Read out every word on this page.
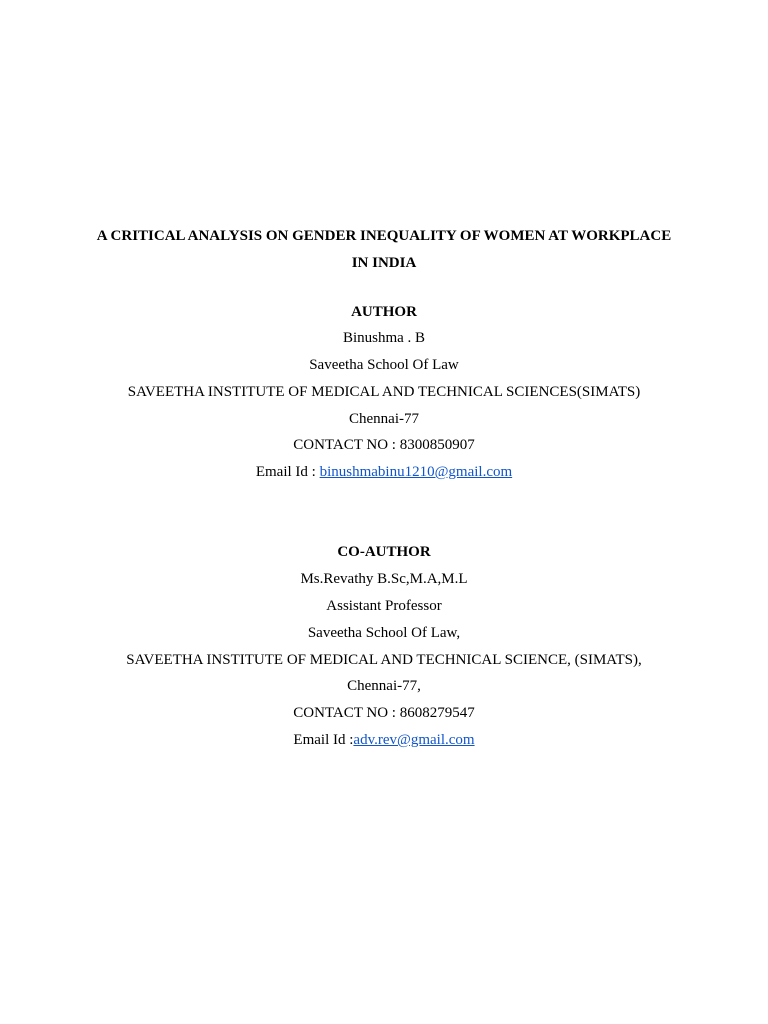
A CRITICAL ANALYSIS ON GENDER INEQUALITY OF WOMEN AT WORKPLACE
IN INDIA
AUTHOR
Binushma . B
Saveetha School Of Law
SAVEETHA INSTITUTE OF MEDICAL AND TECHNICAL SCIENCES(SIMATS)
Chennai-77
CONTACT NO : 8300850907
Email Id : binushmabinu1210@gmail.com
CO-AUTHOR
Ms.Revathy B.Sc,M.A,M.L
Assistant Professor
Saveetha School Of Law,
SAVEETHA INSTITUTE OF MEDICAL AND TECHNICAL SCIENCE, (SIMATS),
Chennai-77,
CONTACT NO : 8608279547
Email Id :adv.rev@gmail.com
